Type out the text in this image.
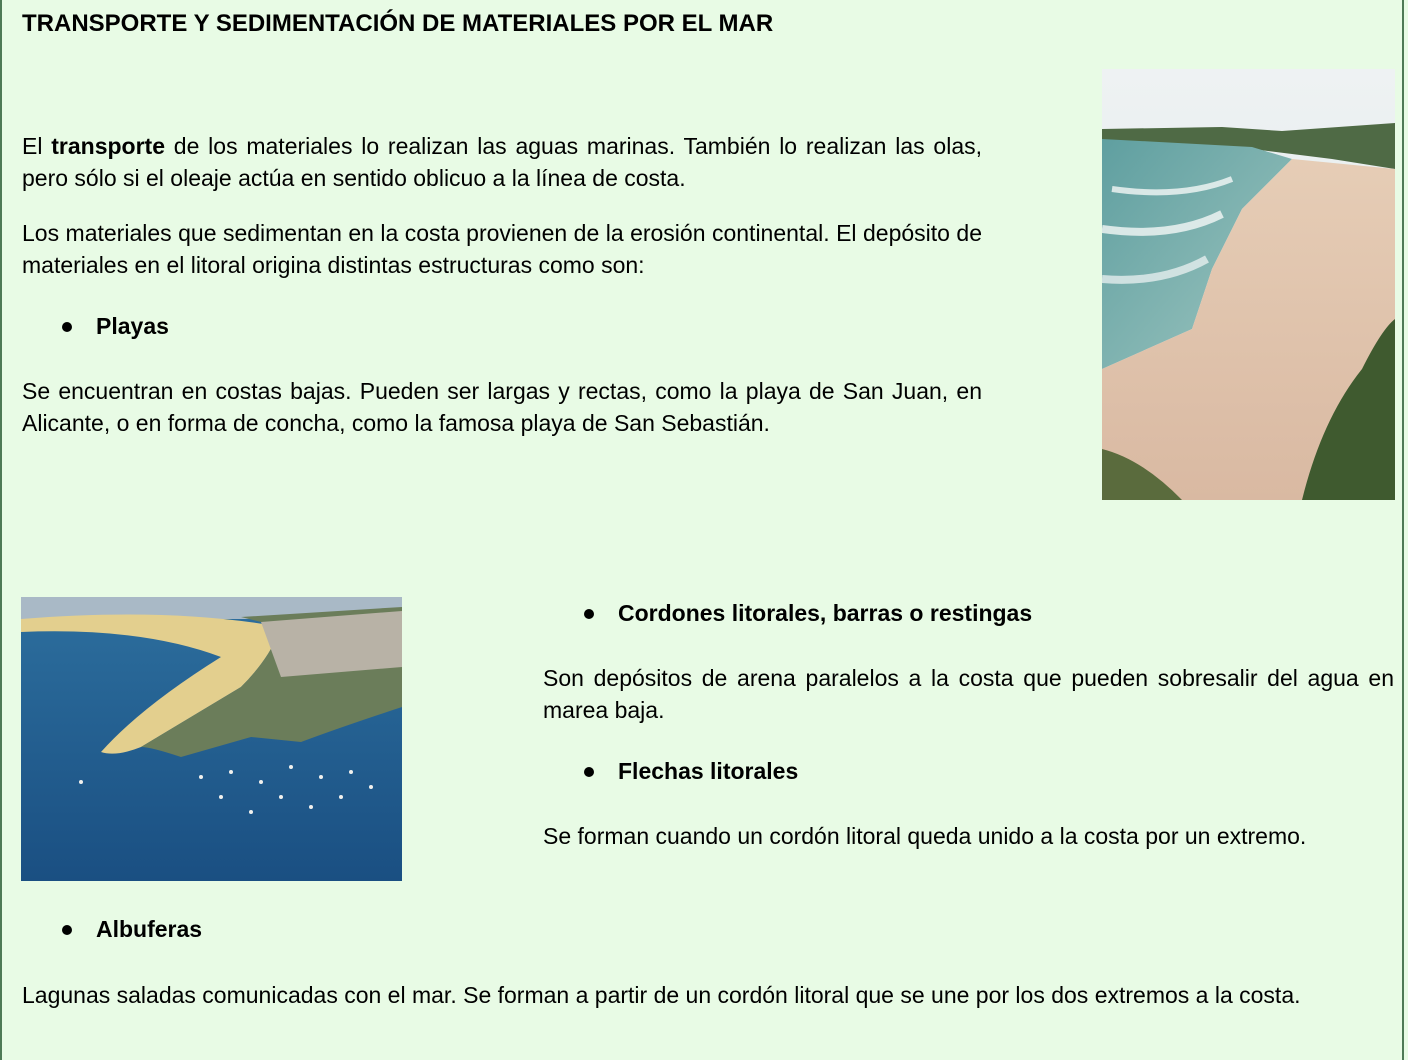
TRANSPORTE Y SEDIMENTACIÓN DE MATERIALES POR EL MAR

El transporte de los materiales lo realizan las aguas marinas. También lo realizan las olas, pero sólo si el oleaje actúa en sentido oblicuo a la línea de costa.

Los materiales que sedimentan en la costa provienen de la erosión continental. El depósito de materiales en el litoral origina distintas estructuras como son:

Playas

Se encuentran en costas bajas. Pueden ser largas y rectas, como la playa de San Juan, en Alicante, o en forma de concha, como la famosa playa de San Sebastián.

Cordones litorales, barras o restingas

Son depósitos de arena paralelos a la costa que pueden sobresalir del agua en marea baja.

Flechas litorales

Se forman cuando un cordón litoral queda unido a la costa por un extremo.

Albuferas

Lagunas saladas comunicadas con el mar. Se forman a partir de un cordón litoral que se une por los dos extremos a la costa.
